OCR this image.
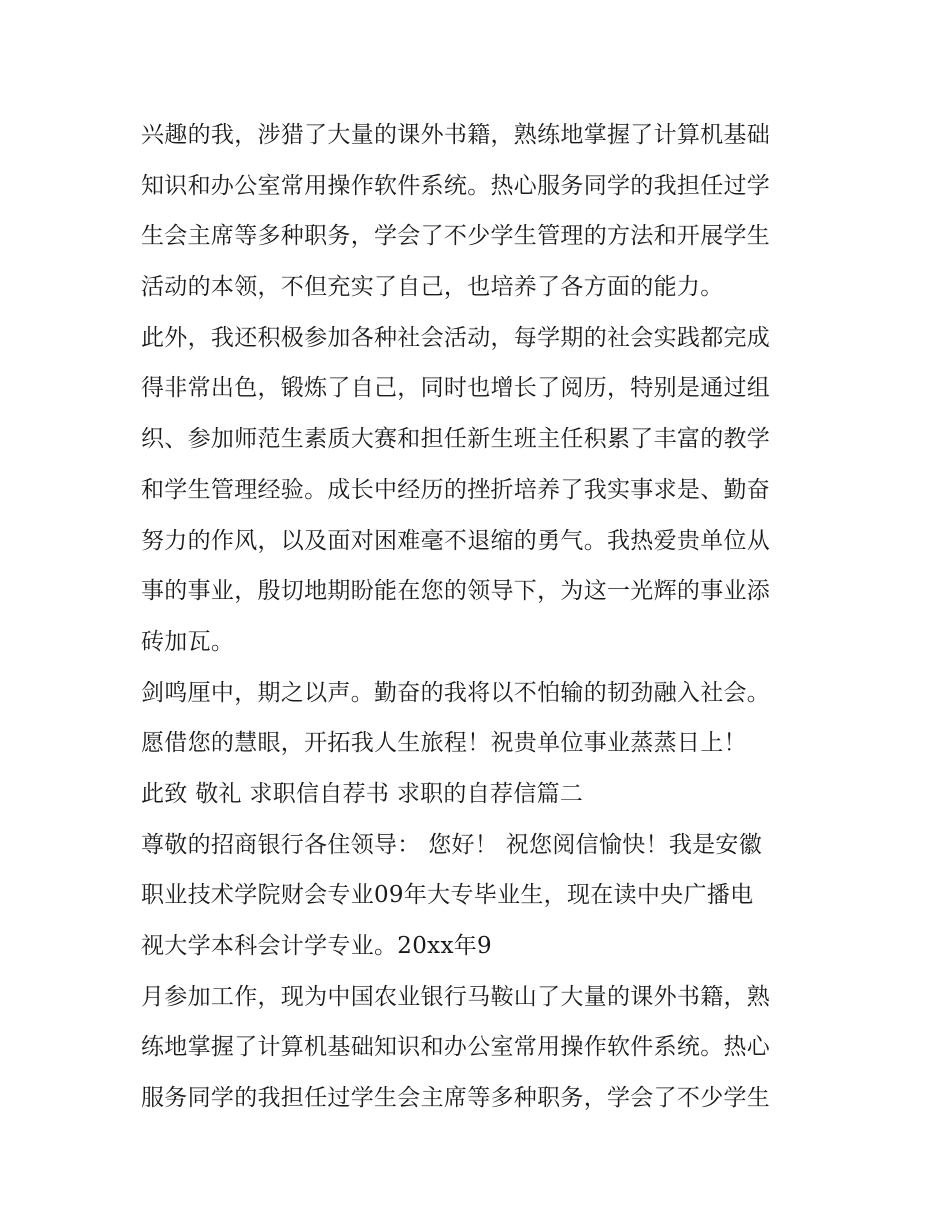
兴趣的我，涉猎了大量的课外书籍，熟练地掌握了计算机基础
知识和办公室常用操作软件系统。热心服务同学的我担任过学
生会主席等多种职务，学会了不少学生管理的方法和开展学生
活动的本领，不但充实了自己，也培养了各方面的能力。
此外，我还积极参加各种社会活动，每学期的社会实践都完成
得非常出色，锻炼了自己，同时也增长了阅历，特别是通过组
织、参加师范生素质大赛和担任新生班主任积累了丰富的教学
和学生管理经验。成长中经历的挫折培养了我实事求是、勤奋
努力的作风，以及面对困难毫不退缩的勇气。我热爱贵单位从
事的事业，殷切地期盼能在您的领导下，为这一光辉的事业添
砖加瓦。
剑鸣厘中，期之以声。勤奋的我将以不怕输的韧劲融入社会。
愿借您的慧眼，开拓我人生旅程！祝贵单位事业蒸蒸日上！
此致 敬礼 求职信自荐书 求职的自荐信篇二
尊敬的招商银行各住领导： 您好！ 祝您阅信愉快！我是安徽
职业技术学院财会专业09年大专毕业生，现在读中央广播电
视大学本科会计学专业。20xx年9
月参加工作，现为中国农业银行马鞍山了大量的课外书籍，熟
练地掌握了计算机基础知识和办公室常用操作软件系统。热心
服务同学的我担任过学生会主席等多种职务，学会了不少学生
